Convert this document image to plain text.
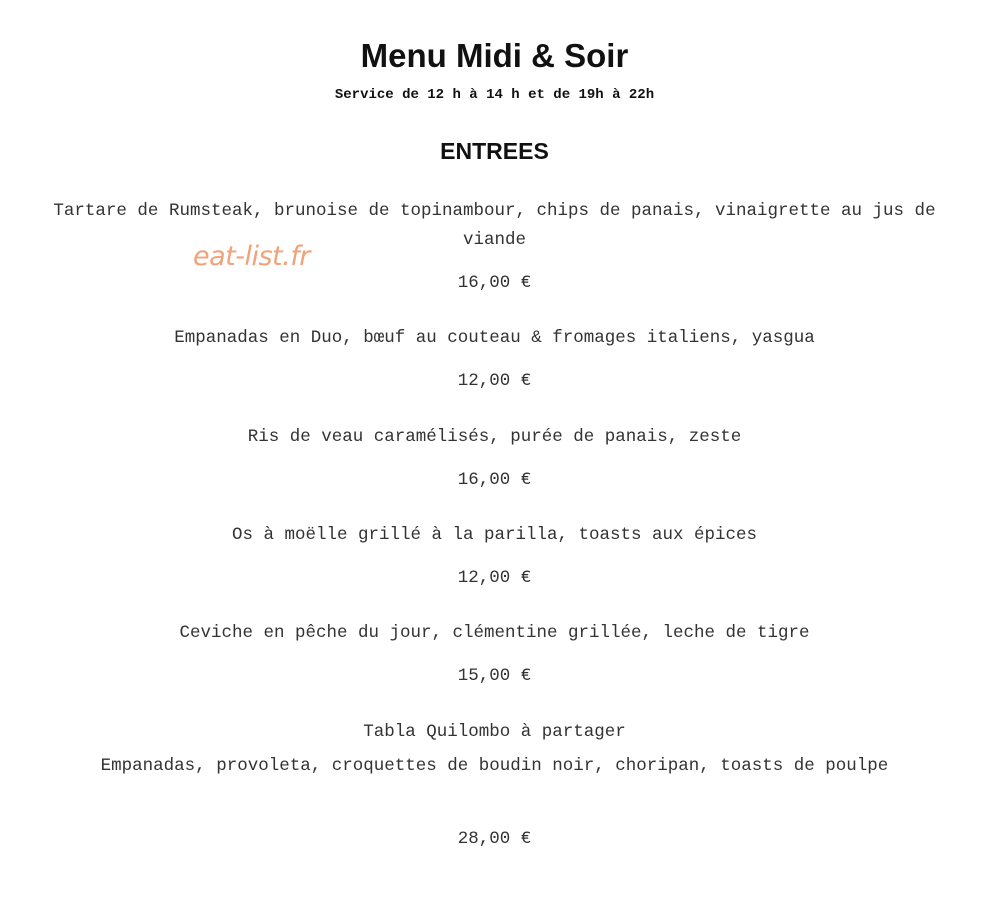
Menu Midi & Soir
Service de 12 h à 14 h et de 19h à 22h
ENTREES
eat-list.fr
Tartare de Rumsteak, brunoise de topinambour, chips de panais, vinaigrette au jus de viande
16,00 €
Empanadas en Duo, bœuf au couteau & fromages italiens, yasgua
12,00 €
Ris de veau caramélisés, purée de panais, zeste
16,00 €
Os à moëlle grillé à la parilla, toasts aux épices
12,00 €
Ceviche en pêche du jour, clémentine grillée, leche de tigre
15,00 €
Tabla Quilombo à partager
Empanadas, provoleta, croquettes de boudin noir, choripan, toasts de poulpe
28,00 €
